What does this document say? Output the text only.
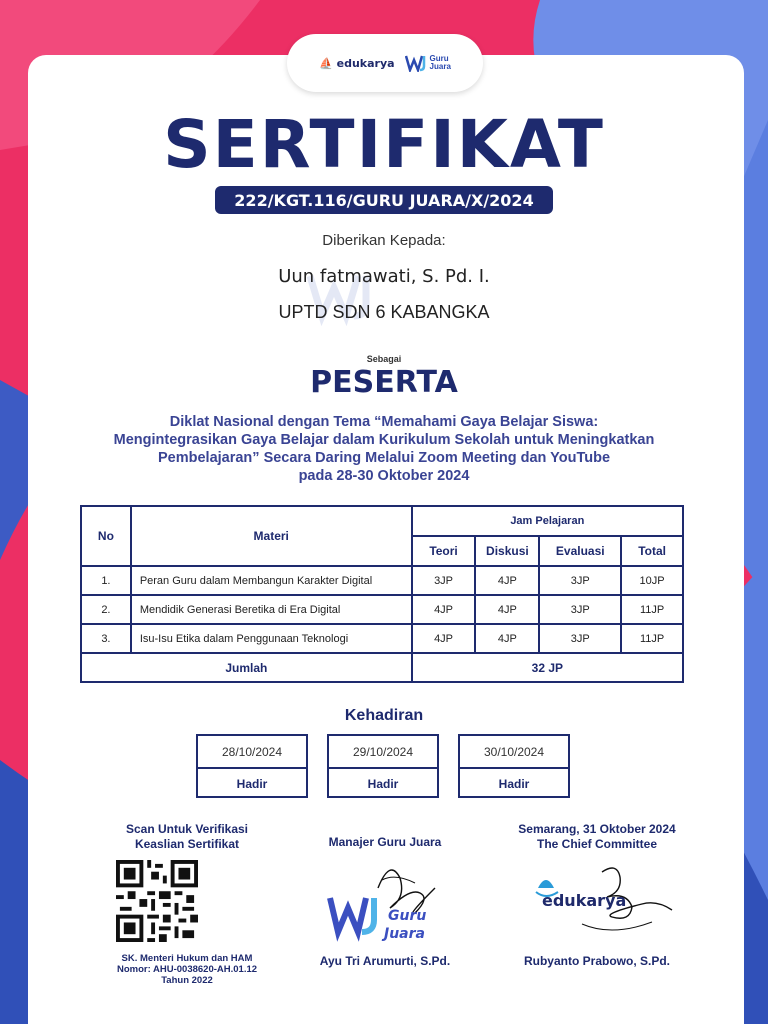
⛵ edukarya	Guru
Juara
SERTIFIKAT
222/KGT.116/GURU JUARA/X/2024
Diberikan Kepada:
Uun fatmawati, S. Pd. I.
UPTD SDN 6 KABANGKA
Sebagai
PESERTA
Diklat Nasional dengan Tema “Memahami Gaya Belajar Siswa:
Mengintegrasikan Gaya Belajar dalam Kurikulum Sekolah untuk Meningkatkan
Pembelajaran” Secara Daring Melalui Zoom Meeting dan YouTube
pada 28-30 Oktober 2024
No	Materi	Jam Pelajaran			
		Teori	Diskusi	Evaluasi	Total
1.	Peran Guru dalam Membangun Karakter Digital	3JP	4JP	3JP	10JP
2.	Mendidik Generasi Beretika di Era Digital	4JP	4JP	3JP	11JP
3.	Isu-Isu Etika dalam Penggunaan Teknologi	4JP	4JP	3JP	11JP
Jumlah		32 JP			
Kehadiran
28/10/2024
Hadir
29/10/2024
Hadir
30/10/2024
Hadir
Scan Untuk Verifikasi
Keaslian Sertifikat
SK. Menteri Hukum dan HAM
Nomor: AHU-0038620-AH.01.12
Tahun 2022
Manajer Guru Juara
Guru
Juara
Ayu Tri Arumurti, S.Pd.
Semarang, 31 Oktober 2024
The Chief Committee
edukarya
Rubyanto Prabowo, S.Pd.
